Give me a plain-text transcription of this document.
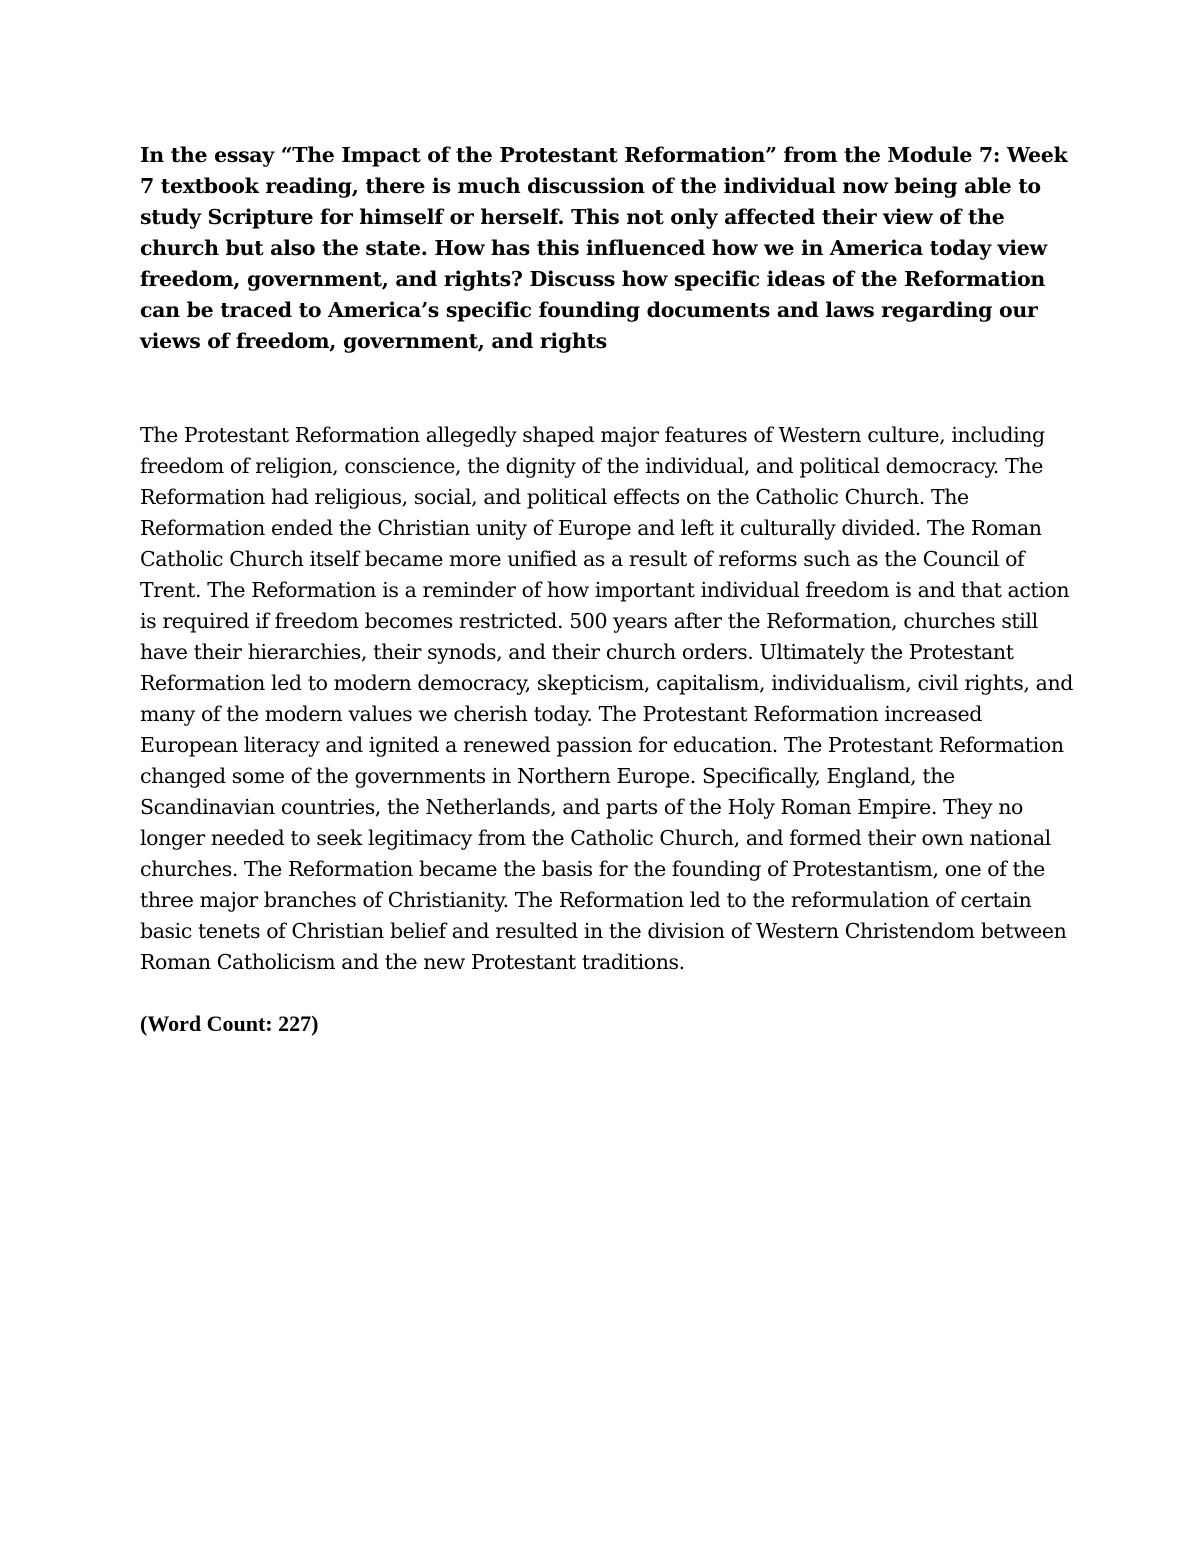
In the essay “The Impact of the Protestant Reformation” from the Module 7: Week 7 textbook reading, there is much discussion of the individual now being able to study Scripture for himself or herself. This not only affected their view of the church but also the state. How has this influenced how we in America today view freedom, government, and rights? Discuss how specific ideas of the Reformation can be traced to America’s specific founding documents and laws regarding our views of freedom, government, and rights

The Protestant Reformation allegedly shaped major features of Western culture, including freedom of religion, conscience, the dignity of the individual, and political democracy. The Reformation had religious, social, and political effects on the Catholic Church. The Reformation ended the Christian unity of Europe and left it culturally divided. The Roman Catholic Church itself became more unified as a result of reforms such as the Council of Trent. The Reformation is a reminder of how important individual freedom is and that action is required if freedom becomes restricted. 500 years after the Reformation, churches still have their hierarchies, their synods, and their church orders. Ultimately the Protestant Reformation led to modern democracy, skepticism, capitalism, individualism, civil rights, and many of the modern values we cherish today. The Protestant Reformation increased European literacy and ignited a renewed passion for education. The Protestant Reformation changed some of the governments in Northern Europe. Specifically, England, the Scandinavian countries, the Netherlands, and parts of the Holy Roman Empire. They no longer needed to seek legitimacy from the Catholic Church, and formed their own national churches. The Reformation became the basis for the founding of Protestantism, one of the three major branches of Christianity. The Reformation led to the reformulation of certain basic tenets of Christian belief and resulted in the division of Western Christendom between Roman Catholicism and the new Protestant traditions.

(Word Count: 227)
